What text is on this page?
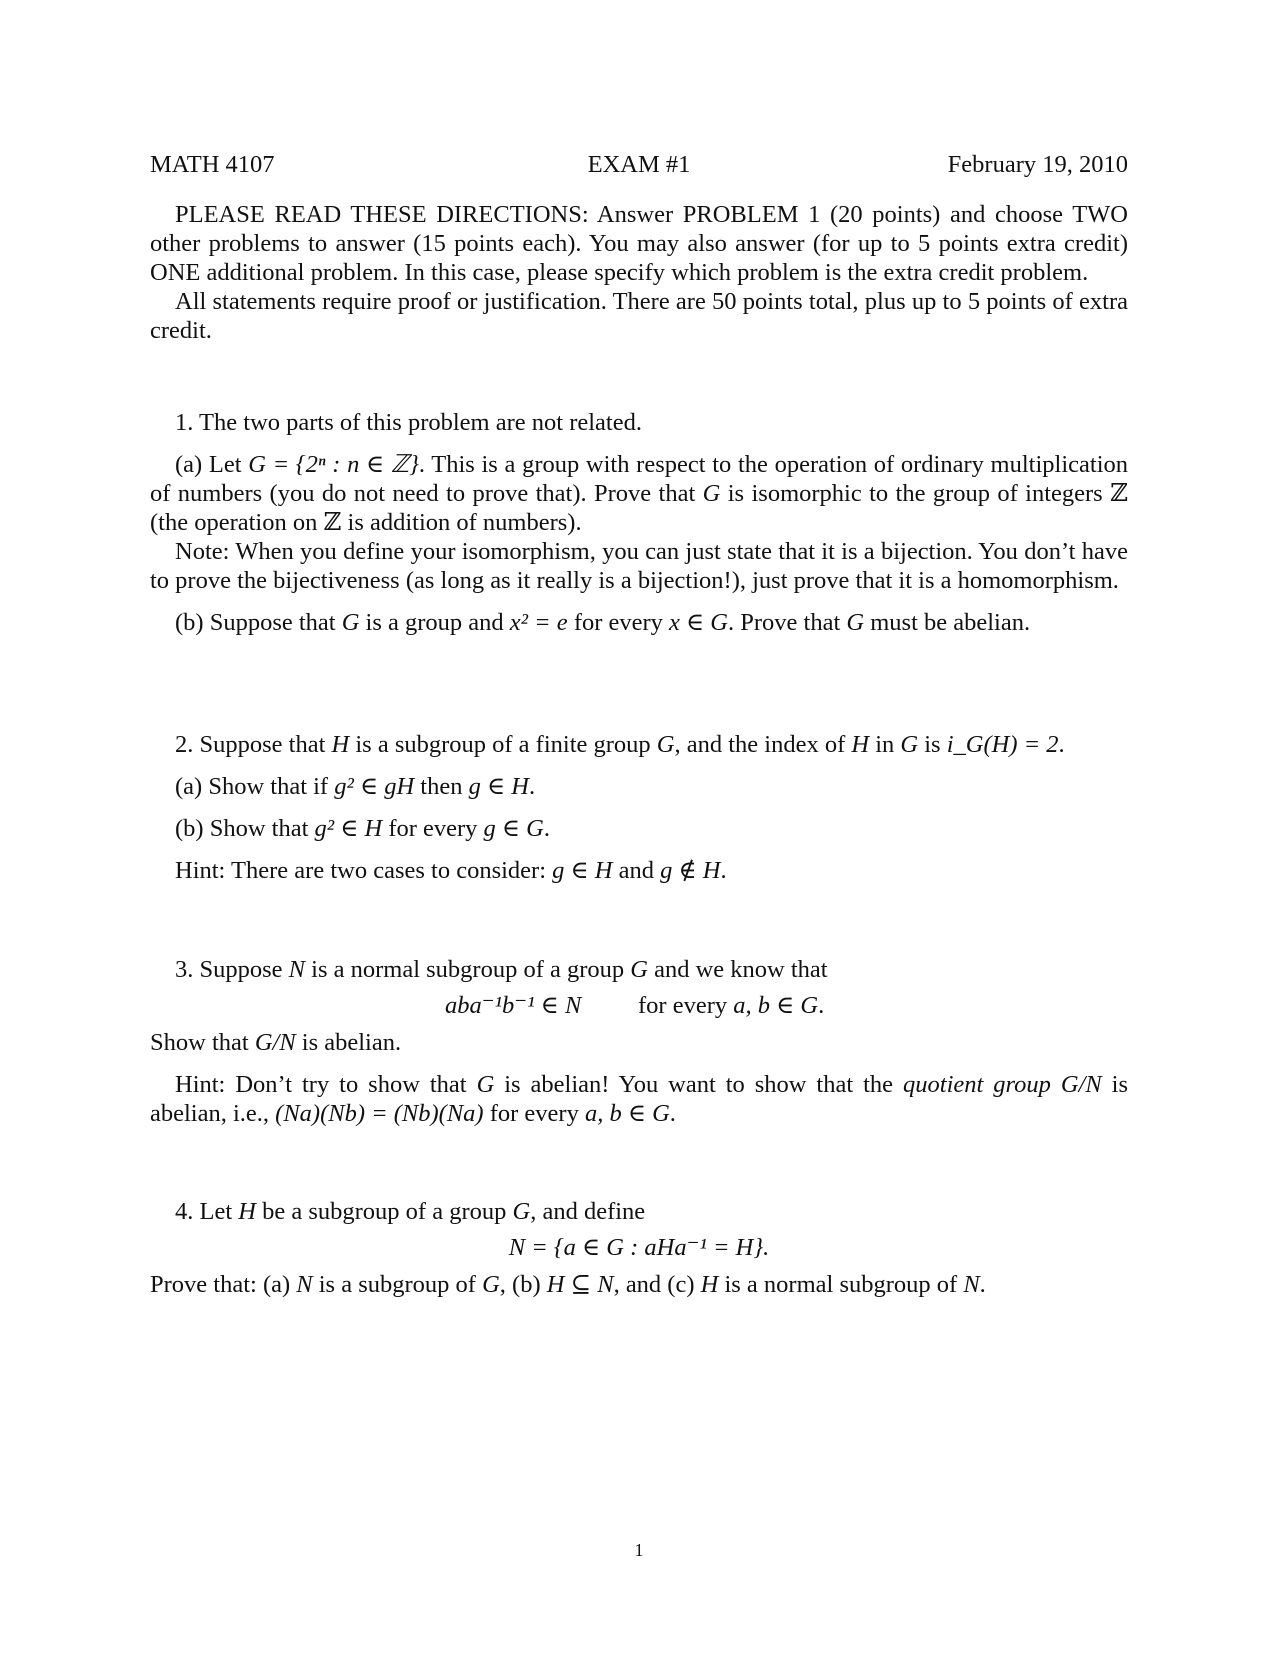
MATH 4107	EXAM #1	February 19, 2010

PLEASE READ THESE DIRECTIONS: Answer PROBLEM 1 (20 points) and choose TWO other problems to answer (15 points each). You may also answer (for up to 5 points extra credit) ONE additional problem. In this case, please specify which problem is the extra credit problem.

All statements require proof or justification. There are 50 points total, plus up to 5 points of extra credit.

1. The two parts of this problem are not related.

(a) Let G = {2ⁿ : n ∈ ℤ}. This is a group with respect to the operation of ordinary multiplication of numbers (you do not need to prove that). Prove that G is isomorphic to the group of integers ℤ (the operation on ℤ is addition of numbers).

Note: When you define your isomorphism, you can just state that it is a bijection. You don’t have to prove the bijectiveness (as long as it really is a bijection!), just prove that it is a homomorphism.

(b) Suppose that G is a group and x² = e for every x ∈ G. Prove that G must be abelian.

2. Suppose that H is a subgroup of a finite group G, and the index of H in G is i_G(H) = 2.

(a) Show that if g² ∈ gH then g ∈ H.

(b) Show that g² ∈ H for every g ∈ G.

Hint: There are two cases to consider: g ∈ H and g ∉ H.

3. Suppose N is a normal subgroup of a group G and we know that

aba⁻¹b⁻¹ ∈ N for every a, b ∈ G.

Show that G/N is abelian.

Hint: Don’t try to show that G is abelian! You want to show that the quotient group G/N is abelian, i.e., (Na)(Nb) = (Nb)(Na) for every a, b ∈ G.

4. Let H be a subgroup of a group G, and define

N = {a ∈ G : aHa⁻¹ = H}.

Prove that: (a) N is a subgroup of G, (b) H ⊆ N, and (c) H is a normal subgroup of N.

1
